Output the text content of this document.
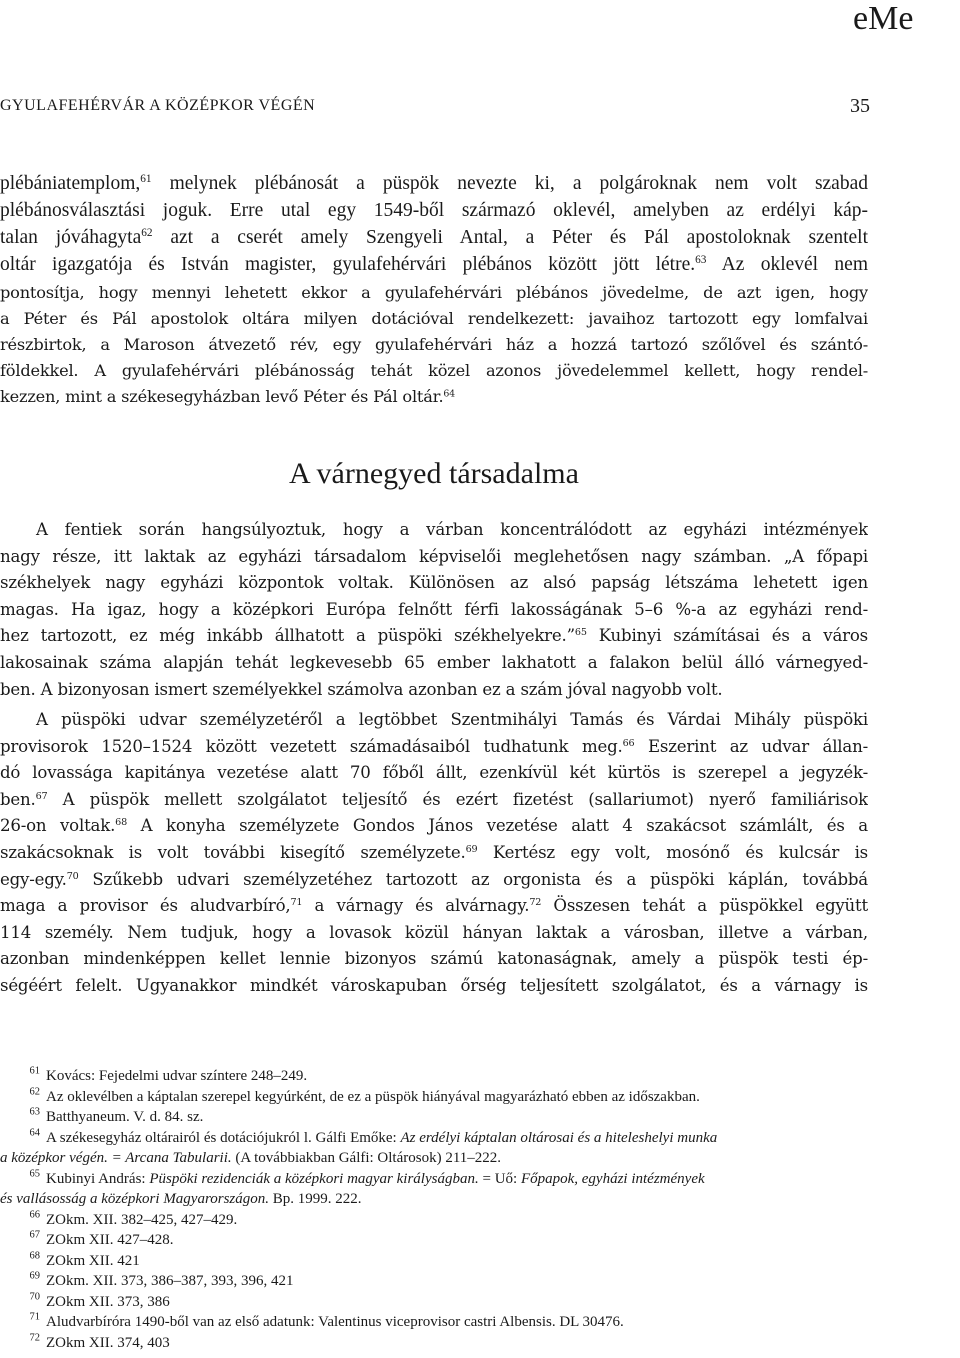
eMe
GYULAFEHÉRVÁR A KÖZÉPKOR VÉGÉN	35
plébániatemplom,$^{61}$ melynek plébánosát a püspök nevezte ki, a polgároknak nem volt szabad
plébánosválasztási joguk. Erre utal egy 1549-ből származó oklevél, amelyben az erdélyi káp-
talan jóváhagyta$^{62}$ azt a cserét amely Szengyeli Antal, a Péter és Pál apostoloknak szentelt
oltár igazgatója és István magister, gyulafehérvári plébános között jött létre.$^{63}$ Az oklevél nem
pontosítja, hogy mennyi lehetett ekkor a gyulafehérvári plébános jövedelme, de azt igen, hogy
a Péter és Pál apostolok oltára milyen dotációval rendelkezett: javaihoz tartozott egy lomfalvai
részbirtok, a Maroson átvezető rév, egy gyulafehérvári ház a hozzá tartozó szőlővel és szántó-
földekkel. A gyulafehérvári plébánosság tehát közel azonos jövedelemmel kellett, hogy rendel-
kezzen, mint a székesegyházban levő Péter és Pál oltár.$^{64}$
A várnegyed társadalma
A fentiek során hangsúlyoztuk, hogy a várban koncentrálódott az egyházi intézmények
nagy része, itt laktak az egyházi társadalom képviselői meglehetősen nagy számban. „A főpapi
székhelyek nagy egyházi központok voltak. Különösen az alsó papság létszáma lehetett igen
magas. Ha igaz, hogy a középkori Európa felnőtt férfi lakosságának 5–6 %-a az egyházi rend-
hez tartozott, ez még inkább állhatott a püspöki székhelyekre.”$^{65}$ Kubinyi számításai és a város
lakosainak száma alapján tehát legkevesebb 65 ember lakhatott a falakon belül álló várnegyed-
ben. A bizonyosan ismert személyekkel számolva azonban ez a szám jóval nagyobb volt.
A püspöki udvar személyzetéről a legtöbbet Szentmihályi Tamás és Várdai Mihály püspöki
provisorok 1520–1524 között vezetett számadásaiból tudhatunk meg.$^{66}$ Eszerint az udvar állan-
dó lovassága kapitánya vezetése alatt 70 főből állt, ezenkívül két kürtös is szerepel a jegyzék-
ben.$^{67}$ A püspök mellett szolgálatot teljesítő és ezért fizetést (sallariumot) nyerő familiárisok
26-on voltak.$^{68}$ A konyha személyzete Gondos János vezetése alatt 4 szakácsot számlált, és a
szakácsoknak is volt további kisegítő személyzete.$^{69}$ Kertész egy volt, mosónő és kulcsár is
egy-egy.$^{70}$ Szűkebb udvari személyzetéhez tartozott az orgonista és a püspöki káplán, továbbá
maga a provisor és aludvarbíró,$^{71}$ a várnagy és alvárnagy.$^{72}$ Összesen tehát a püspökkel együtt
114 személy. Nem tudjuk, hogy a lovasok közül hányan laktak a városban, illetve a várban,
azonban mindenképpen kellet lennie bizonyos számú katonaságnak, amely a püspök testi ép-
ségéért felelt. Ugyanakkor mindkét városkapuban őrség teljesített szolgálatot, és a várnagy is
$^{61}$ Kovács: Fejedelmi udvar színtere 248–249.
$^{62}$ Az oklevélben a káptalan szerepel kegyúrként, de ez a püspök hiányával magyarázható ebben az időszakban.
$^{63}$ Batthyaneum. V. d. 84. sz.
$^{64}$ A székesegyház oltárairól és dotációjukról l. Gálfi Emőke: Az erdélyi káptalan oltárosai és a hiteleshelyi munka
a középkor végén. = Arcana Tabularii. (A továbbiakban Gálfi: Oltárosok) 211–222.
$^{65}$ Kubinyi András: Püspöki rezidenciák a középkori magyar királyságban. = Uő: Főpapok, egyházi intézmények
és vallásosság a középkori Magyarországon. Bp. 1999. 222.
$^{66}$ ZOkm. XII. 382–425, 427–429.
$^{67}$ ZOkm XII. 427–428.
$^{68}$ ZOkm XII. 421
$^{69}$ ZOkm. XII. 373, 386–387, 393, 396, 421
$^{70}$ ZOkm XII. 373, 386
$^{71}$ Aludvarbíróra 1490-ből van az első adatunk: Valentinus viceprovisor castri Albensis. DL 30476.
$^{72}$ ZOkm XII. 374, 403
